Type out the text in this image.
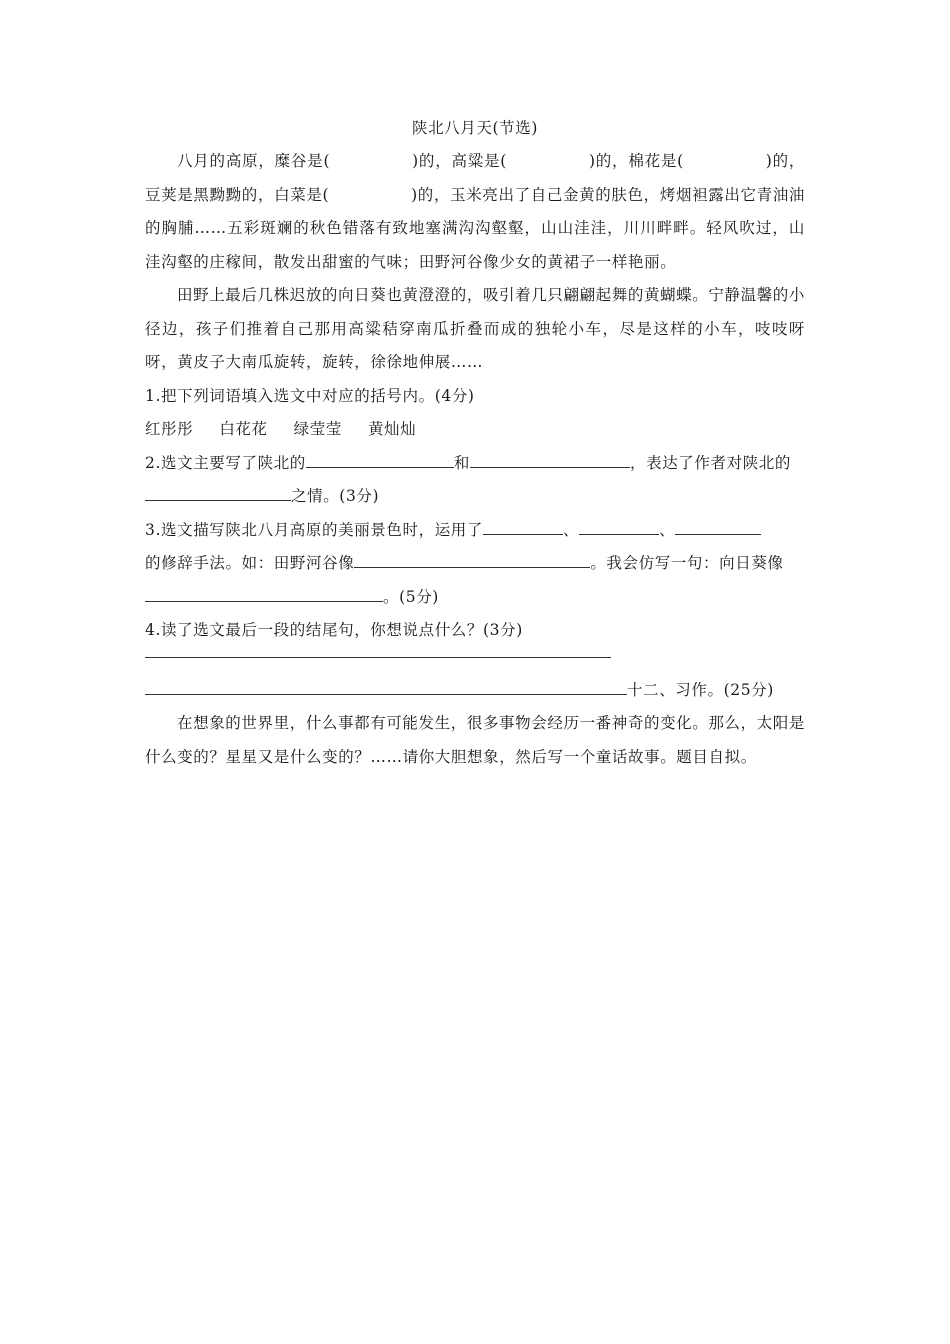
陕北八月天(节选)

八月的高原，糜谷是(	)的，高粱是(	)的，棉花是(	)的，豆荚是黑黝黝的，白菜是(	)的，玉米亮出了自己金黄的肤色，烤烟袒露出它青油油的胸脯……五彩斑斓的秋色错落有致地塞满沟沟壑壑，山山洼洼，川川畔畔。轻风吹过，山洼沟壑的庄稼间，散发出甜蜜的气味；田野河谷像少女的黄裙子一样艳丽。

田野上最后几株迟放的向日葵也黄澄澄的，吸引着几只翩翩起舞的黄蝴蝶。宁静温馨的小径边，孩子们推着自己那用高粱秸穿南瓜折叠而成的独轮小车，尽是这样的小车，吱吱呀呀，黄皮子大南瓜旋转，旋转，徐徐地伸展……

1.把下列词语填入选文中对应的括号内。(4分)

红彤彤 白花花 绿莹莹 黄灿灿

2.选文主要写了陕北的	和	，表达了作者对陕北的

之情。(3分)

3.选文描写陕北八月高原的美丽景色时，运用了	、	、

的修辞手法。如：田野河谷像	。我会仿写一句：向日葵像

。(5分)

4.读了选文最后一段的结尾句，你想说点什么？(3分)

十二、习作。(25分)

在想象的世界里，什么事都有可能发生，很多事物会经历一番神奇的变化。那么，太阳是什么变的？星星又是什么变的？……请你大胆想象，然后写一个童话故事。题目自拟。
